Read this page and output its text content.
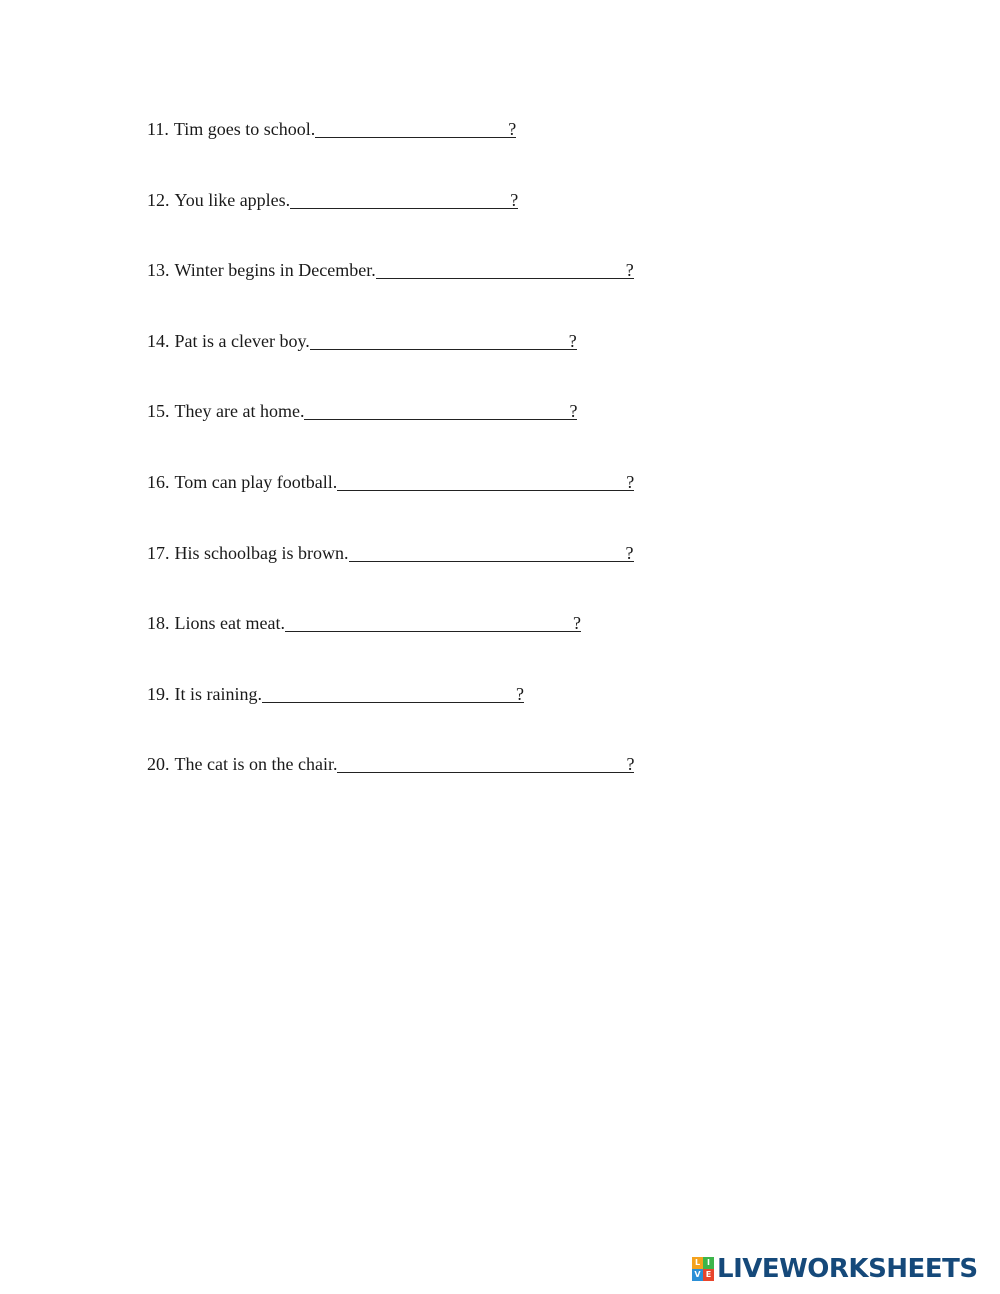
11. Tim goes to school.	?
12. You like apples.	?
13. Winter begins in December.	?
14. Pat is a clever boy.	?
15. They are at home.	?
16. Tom can play football.	?
17. His schoolbag is brown.	?
18. Lions eat meat.	?
19. It is raining.	?
20. The cat is on the chair.	?
L I
V E LIVEWORKSHEETS
